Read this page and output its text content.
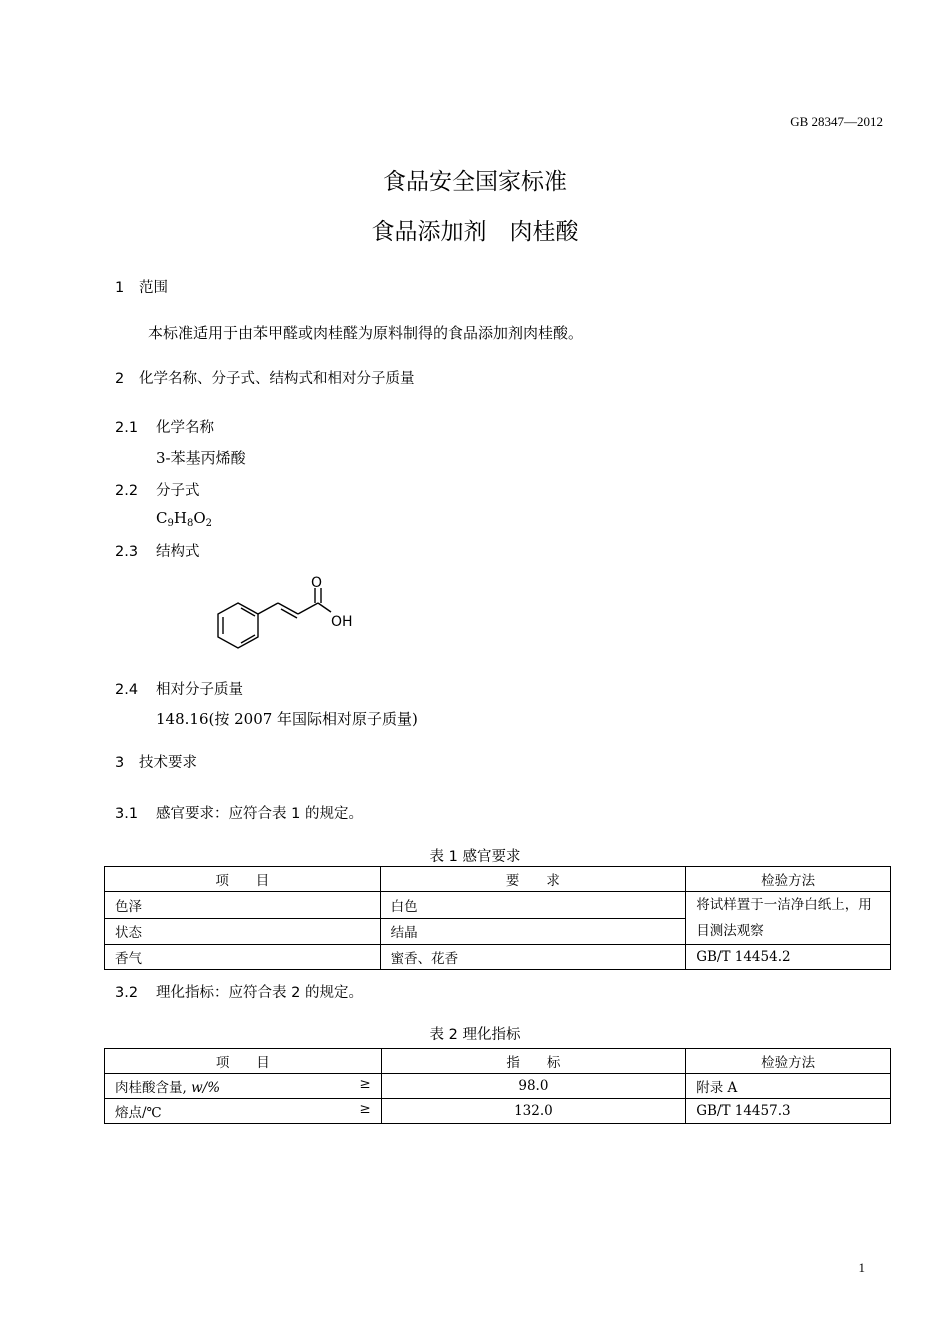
GB 28347—2012
食品安全国家标准
食品添加剂　肉桂酸
1 范围
本标准适用于由苯甲醛或肉桂醛为原料制得的食品添加剂肉桂酸。
2 化学名称、分子式、结构式和相对分子质量
2.1 化学名称
3-苯基丙烯酸
2.2 分子式
$C_9H_8O_2$
2.3 结构式
O
OH
2.4 相对分子质量
148.16(按 2007 年国际相对原子质量)
3 技术要求
3.1 感官要求：应符合表 1 的规定。
表 1 感官要求
项　　目	要　　求	检验方法
色泽	白色	将试样置于一洁净白纸上，用目测法观察
状态	结晶	
香气	蜜香、花香	GB/T 14454.2
3.2 理化指标：应符合表 2 的规定。
表 2 理化指标
项　　目	指　　标	检验方法
肉桂酸含量, w/% ≥	98.0	附录 A
熔点/℃ ≥	132.0	GB/T 14457.3
1
